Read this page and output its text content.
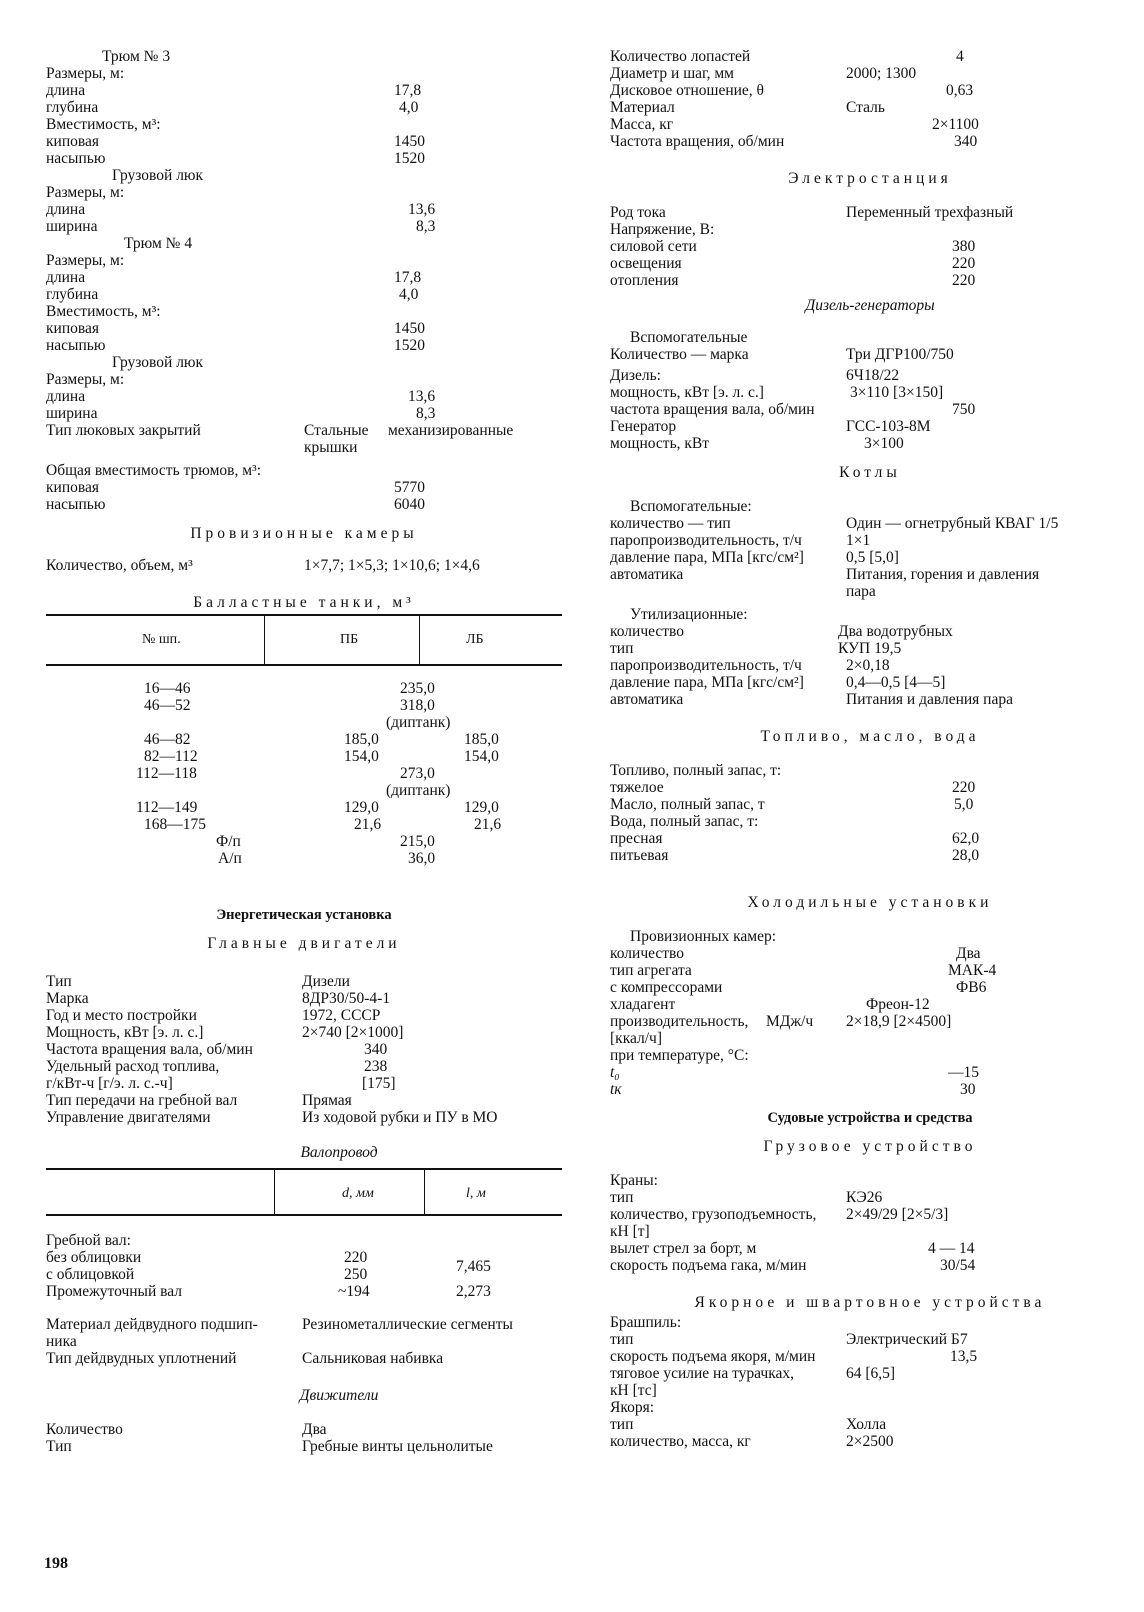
Трюм № 3
Размеры, м:
длина	17,8
глубина	4,0
Вместимость, м³:
киповая	1450
насыпью	1520
Грузовой люк
Размеры, м:
длина	13,6
ширина	8,3
Трюм № 4
Размеры, м:
длина	17,8
глубина	4,0
Вместимость, м³:
киповая	1450
насыпью	1520
Грузовой люк
Размеры, м:
длина	13,6
ширина	8,3
Тип люковых закрытий	Стальные механизированные
крышки
Общая вместимость трюмов, м³:
киповая	5770
насыпью	6040
Провизионные камеры
Количество, объем, м³	1×7,7; 1×5,3; 1×10,6; 1×4,6
Балластные танки, м³
№ шп.	ПБ	ЛБ
16—46	235,0
46—52	318,0
(диптанк)
46—82	185,0	185,0
82—112	154,0	154,0
112—118	273,0
(диптанк)
112—149	129,0	129,0
168—175	21,6	21,6
Ф/п	215,0
А/п	36,0
Энергетическая установка
Главные двигатели
Тип	Дизели
Марка	8ДР30/50-4-1
Год и место постройки	1972, СССР
Мощность, кВт [э. л. с.]	2×740 [2×1000]
Частота вращения вала, об/мин	340
Удельный расход топлива,	238
г/кВт-ч [г/э. л. с.-ч]	[175]
Тип передачи на гребной вал	Прямая
Управление двигателями	Из ходовой рубки и ПУ в МО
Валопровод
d, мм	l, м
Гребной вал:
без облицовки	220
с облицовкой	250	7,465
Промежуточный вал	~194	2,273
Материал дейдвудного подшип-	Резинометаллические сегменты
ника
Тип дейдвудных уплотнений	Сальниковая набивка
Движители
Количество	Два
Тип	Гребные винты цельнолитые
Количество лопастей	4
Диаметр и шаг, мм	2000; 1300
Дисковое отношение, θ	0,63
Материал	Сталь
Масса, кг	2×1100
Частота вращения, об/мин	340
Электростанция
Род тока	Переменный трехфазный
Напряжение, В:
силовой сети	380
освещения	220
отопления	220
Дизель-генераторы
Вспомогательные
Количество — марка	Три ДГР100/750
Дизель:	6Ч18/22
мощность, кВт [э. л. с.]	3×110 [3×150]
частота вращения вала, об/мин	750
Генератор	ГСС-103-8М
мощность, кВт	3×100
Котлы
Вспомогательные:
количество — тип	Один — огнетрубный КВАГ 1/5
паропроизводительность, т/ч	1×1
давление пара, МПа [кгс/см²]	0,5 [5,0]
автоматика	Питания, горения и давления
пара
Утилизационные:
количество	Два водотрубных
тип	КУП 19,5
паропроизводительность, т/ч	2×0,18
давление пара, МПа [кгс/см²]	0,4—0,5 [4—5]
автоматика	Питания и давления пара
Топливо, масло, вода
Топливо, полный запас, т:
тяжелое	220
Масло, полный запас, т	5,0
Вода, полный запас, т:
пресная	62,0
питьевая	28,0
Холодильные установки
Провизионных камер:
количество	Два
тип агрегата	МАК-4
с компрессорами	ФВ6
хладагент	Фреон-12
производительность, МДж/ч 2×18,9 [2×4500]
[ккал/ч]
при температуре, °C:
t₀	—15
tк	30
Судовые устройства и средства
Грузовое устройство
Краны:
тип	КЭ26
количество, грузоподъемность, 2×49/29 [2×5/3]
кН [т]
вылет стрел за борт, м	4 — 14
скорость подъема гака, м/мин	30/54
Якорное и швартовное устройства
Брашпиль:
тип	Электрический Б7
скорость подъема якоря, м/мин	13,5
тяговое усилие на турачках,	64 [6,5]
кН [тс]
Якоря:
тип	Холла
количество, масса, кг	2×2500
198
